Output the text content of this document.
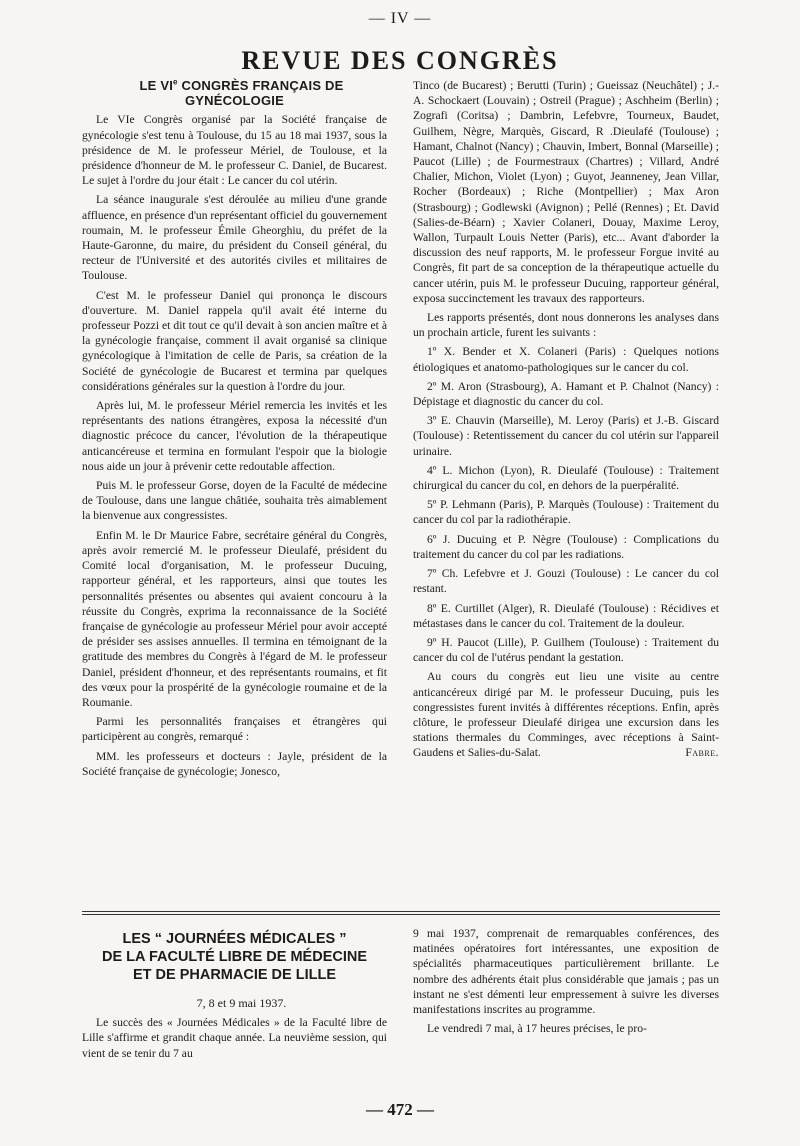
— IV —
REVUE DES CONGRÈS

LE VIe CONGRÈS FRANÇAIS DE GYNÉCOLOGIE

Le VIe Congrès organisé par la Société française de gynécologie s'est tenu à Toulouse, du 15 au 18 mai 1937, sous la présidence de M. le professeur Mériel, de Toulouse, et la présidence d'honneur de M. le professeur C. Daniel, de Bucarest. Le sujet à l'ordre du jour était : Le cancer du col utérin.

La séance inaugurale s'est déroulée au milieu d'une grande affluence, en présence d'un représentant officiel du gouvernement roumain, M. le professeur Émile Gheorghiu, du préfet de la Haute-Garonne, du maire, du président du Conseil général, du recteur de l'Université et des autorités civiles et militaires de Toulouse.

C'est M. le professeur Daniel qui prononça le discours d'ouverture. M. Daniel rappela qu'il avait été interne du professeur Pozzi et dit tout ce qu'il devait à son ancien maître et à la gynécologie française, comment il avait organisé sa clinique gynécologique à l'imitation de celle de Paris, sa création de la Société de gynécologie de Bucarest et termina par quelques considérations générales sur la question à l'ordre du jour.

Après lui, M. le professeur Mériel remercia les invités et les représentants des nations étrangères, exposa la nécessité d'un diagnostic précoce du cancer, l'évolution de la thérapeutique anticancéreuse et termina en formulant l'espoir que la biologie nous aide un jour à prévenir cette redoutable affection.

Puis M. le professeur Gorse, doyen de la Faculté de médecine de Toulouse, dans une langue châtiée, souhaita très aimablement la bienvenue aux congressistes.

Enfin M. le Dr Maurice Fabre, secrétaire général du Congrès, après avoir remercié M. le professeur Dieulafé, président du Comité local d'organisation, M. le professeur Ducuing, rapporteur général, et les rapporteurs, ainsi que toutes les personnalités présentes ou absentes qui avaient concouru à la réussite du Congrès, exprima la reconnaissance de la Société française de gynécologie au professeur Mériel pour avoir accepté de présider ses assises annuelles. Il termina en témoignant de la gratitude des membres du Congrès à l'égard de M. le professeur Daniel, président d'honneur, et des représentants roumains, et fit des vœux pour la prospérité de la gynécologie roumaine et de la Roumanie.

Parmi les personnalités françaises et étrangères qui participèrent au congrès, remarqué :

MM. les professeurs et docteurs : Jayle, président de la Société française de gynécologie; Jonesco,

Tinco (de Bucarest) ; Berutti (Turin) ; Gueissaz (Neuchâtel) ; J.-A. Schockaert (Louvain) ; Ostreil (Prague) ; Aschheim (Berlin) ; Zografi (Coritsa) ; Dambrin, Lefebvre, Tourneux, Baudet, Guilhem, Nègre, Marquès, Giscard, R .Dieulafé (Toulouse) ; Hamant, Chalnot (Nancy) ; Chauvin, Imbert, Bonnal (Marseille) ; Paucot (Lille) ; de Fourmestraux (Chartres) ; Villard, André Chalier, Michon, Violet (Lyon) ; Guyot, Jeanneney, Jean Villar, Rocher (Bordeaux) ; Riche (Montpellier) ; Max Aron (Strasbourg) ; Godlewski (Avignon) ; Pellé (Rennes) ; Et. David (Salies-de-Béarn) ; Xavier Colaneri, Douay, Maxime Leroy, Wallon, Turpault Louis Netter (Paris), etc... Avant d'aborder la discussion des neuf rapports, M. le professeur Forgue invité au Congrès, fit part de sa conception de la thérapeutique actuelle du cancer utérin, puis M. le professeur Ducuing, rapporteur général, exposa succinctement les travaux des rapporteurs.

Les rapports présentés, dont nous donnerons les analyses dans un prochain article, furent les suivants :

1º X. Bender et X. Colaneri (Paris) : Quelques notions étiologiques et anatomo-pathologiques sur le cancer du col.

2º M. Aron (Strasbourg), A. Hamant et P. Chalnot (Nancy) : Dépistage et diagnostic du cancer du col.

3º E. Chauvin (Marseille), M. Leroy (Paris) et J.-B. Giscard (Toulouse) : Retentissement du cancer du col utérin sur l'appareil urinaire.

4º L. Michon (Lyon), R. Dieulafé (Toulouse) : Traitement chirurgical du cancer du col, en dehors de la puerpéralité.

5º P. Lehmann (Paris), P. Marquès (Toulouse) : Traitement du cancer du col par la radiothérapie.

6º J. Ducuing et P. Nègre (Toulouse) : Complications du traitement du cancer du col par les radiations.

7º Ch. Lefebvre et J. Gouzi (Toulouse) : Le cancer du col restant.

8º E. Curtillet (Alger), R. Dieulafé (Toulouse) : Récidives et métastases dans le cancer du col. Traitement de la douleur.

9º H. Paucot (Lille), P. Guilhem (Toulouse) : Traitement du cancer du col de l'utérus pendant la gestation.

Au cours du congrès eut lieu une visite au centre anticancéreux dirigé par M. le professeur Ducuing, puis les congressistes furent invités à différentes réceptions. Enfin, après clôture, le professeur Dieulafé dirigea une excursion dans les stations thermales du Comminges, avec réceptions à Saint-Gaudens et Salies-du-Salat.	Fabre.

LES “ JOURNÉES MÉDICALES ”
DE LA FACULTÉ LIBRE DE MÉDECINE
ET DE PHARMACIE DE LILLE

7, 8 et 9 mai 1937.

Le succès des « Journées Médicales » de la Faculté libre de Lille s'affirme et grandit chaque année. La neuvième session, qui vient de se tenir du 7 au

9 mai 1937, comprenait de remarquables conférences, des matinées opératoires fort intéressantes, une exposition de spécialités pharmaceutiques particulièrement brillante. Le nombre des adhérents était plus considérable que jamais ; pas un instant ne s'est démenti leur empressement à suivre les diverses manifestations inscrites au programme.

Le vendredi 7 mai, à 17 heures précises, le pro-

— 472 —
